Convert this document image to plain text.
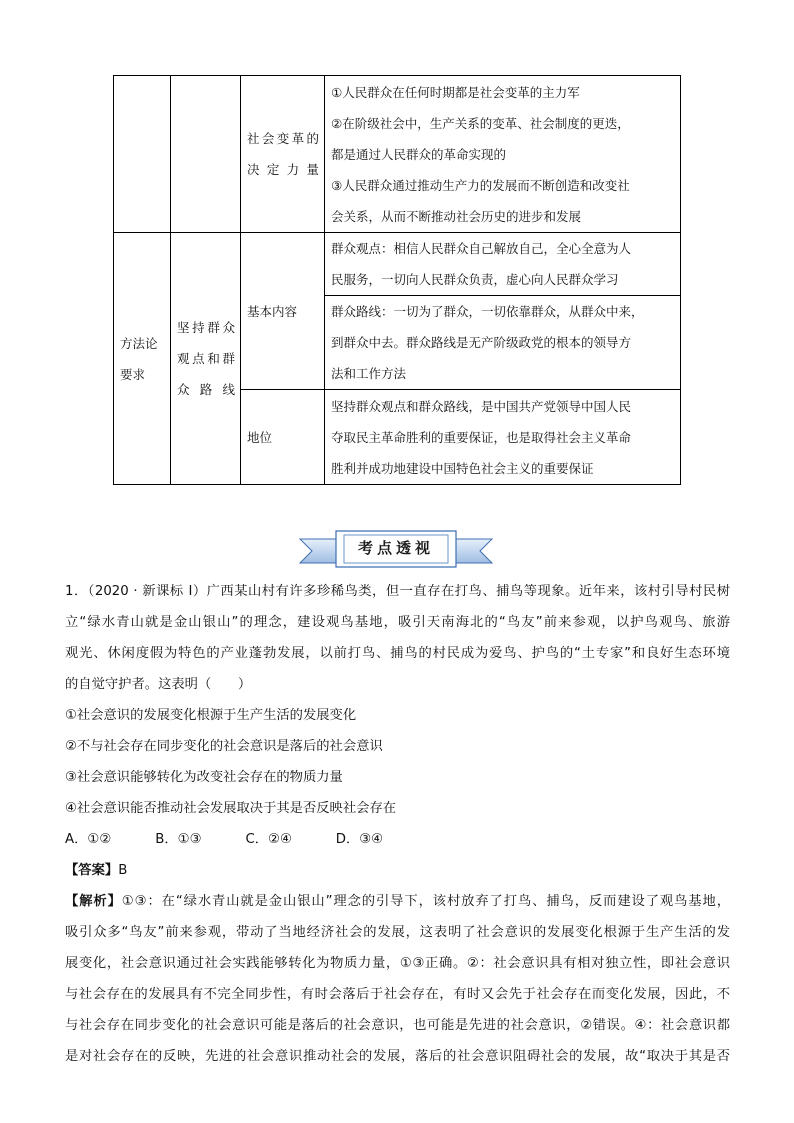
		社会变革的决定力量	①人民群众在任何时期都是社会变革的主力军
②在阶级社会中，生产关系的变革、社会制度的更迭，
都是通过人民群众的革命实现的
③人民群众通过推动生产力的发展而不断创造和改变社
会关系，从而不断推动社会历史的进步和发展

方法论要求	坚持群众观点和群众路线	基本内容	群众观点：相信人民群众自己解放自己，全心全意为人
民服务，一切向人民群众负责，虚心向人民群众学习

			群众路线：一切为了群众，一切依靠群众，从群众中来，
到群众中去。群众路线是无产阶级政党的根本的领导方
法和工作方法

		地位	坚持群众观点和群众路线，是中国共产党领导中国人民
夺取民主革命胜利的重要保证，也是取得社会主义革命
胜利并成功地建设中国特色社会主义的重要保证
考点透视
1．（2020 · 新课标 I）广西某山村有许多珍稀鸟类，但一直存在打鸟、捕鸟等现象。近年来，该村引导村民树
立“绿水青山就是金山银山”的理念，建设观鸟基地，吸引天南海北的“鸟友”前来参观，以护鸟观鸟、旅游
观光、休闲度假为特色的产业蓬勃发展，以前打鸟、捕鸟的村民成为爱鸟、护鸟的“土专家”和良好生态环境
的自觉守护者。这表明（　　）
①社会意识的发展变化根源于生产生活的发展变化
②不与社会存在同步变化的社会意识是落后的社会意识
③社会意识能够转化为改变社会存在的物质力量
④社会意识能否推动社会发展取决于其是否反映社会存在
A．①②	B．①③	C．②④	D．③④
【答案】B
【解析】①③：在“绿水青山就是金山银山”理念的引导下，该村放弃了打鸟、捕鸟，反而建设了观鸟基地，
吸引众多“鸟友”前来参观，带动了当地经济社会的发展，这表明了社会意识的发展变化根源于生产生活的发
展变化，社会意识通过社会实践能够转化为物质力量，①③正确。②：社会意识具有相对独立性，即社会意识
与社会存在的发展具有不完全同步性，有时会落后于社会存在，有时又会先于社会存在而变化发展，因此，不
与社会存在同步变化的社会意识可能是落后的社会意识，也可能是先进的社会意识，②错误。④：社会意识都
是对社会存在的反映，先进的社会意识推动社会的发展，落后的社会意识阻碍社会的发展，故“取决于其是否
